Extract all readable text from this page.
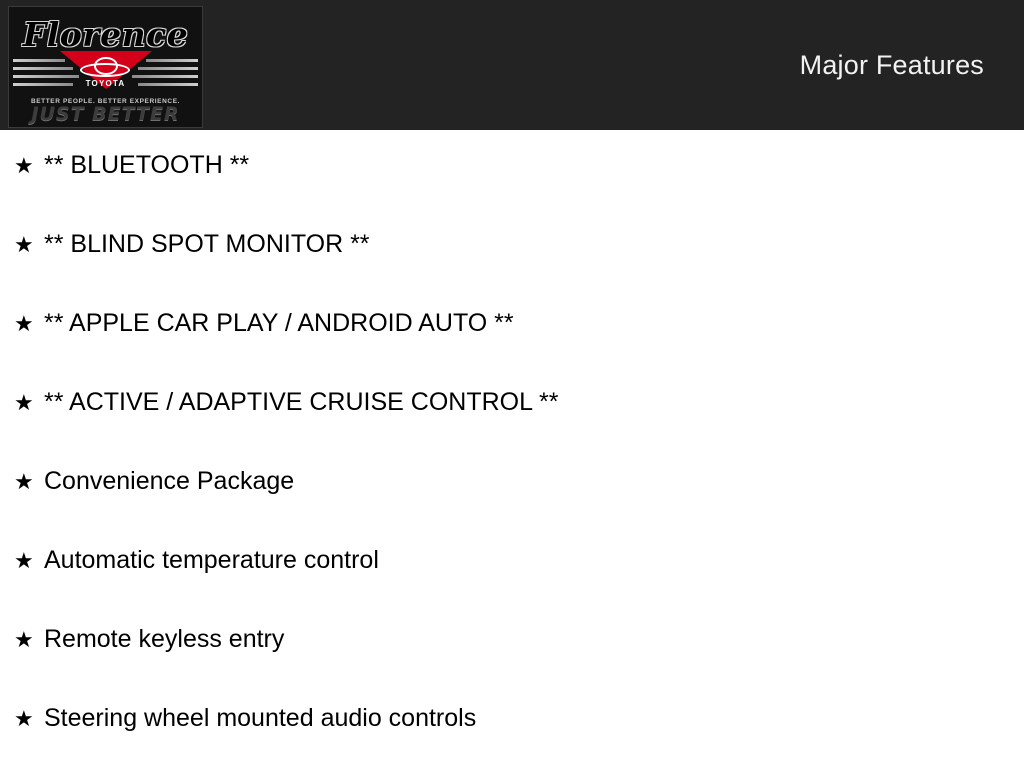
Florence
TOYOTA
BETTER PEOPLE. BETTER EXPERIENCE.
JUST BETTER
Major Features
★ ** BLUETOOTH **
★ ** BLIND SPOT MONITOR **
★ ** APPLE CAR PLAY / ANDROID AUTO **
★ ** ACTIVE / ADAPTIVE CRUISE CONTROL **
★ Convenience Package
★ Automatic temperature control
★ Remote keyless entry
★ Steering wheel mounted audio controls
